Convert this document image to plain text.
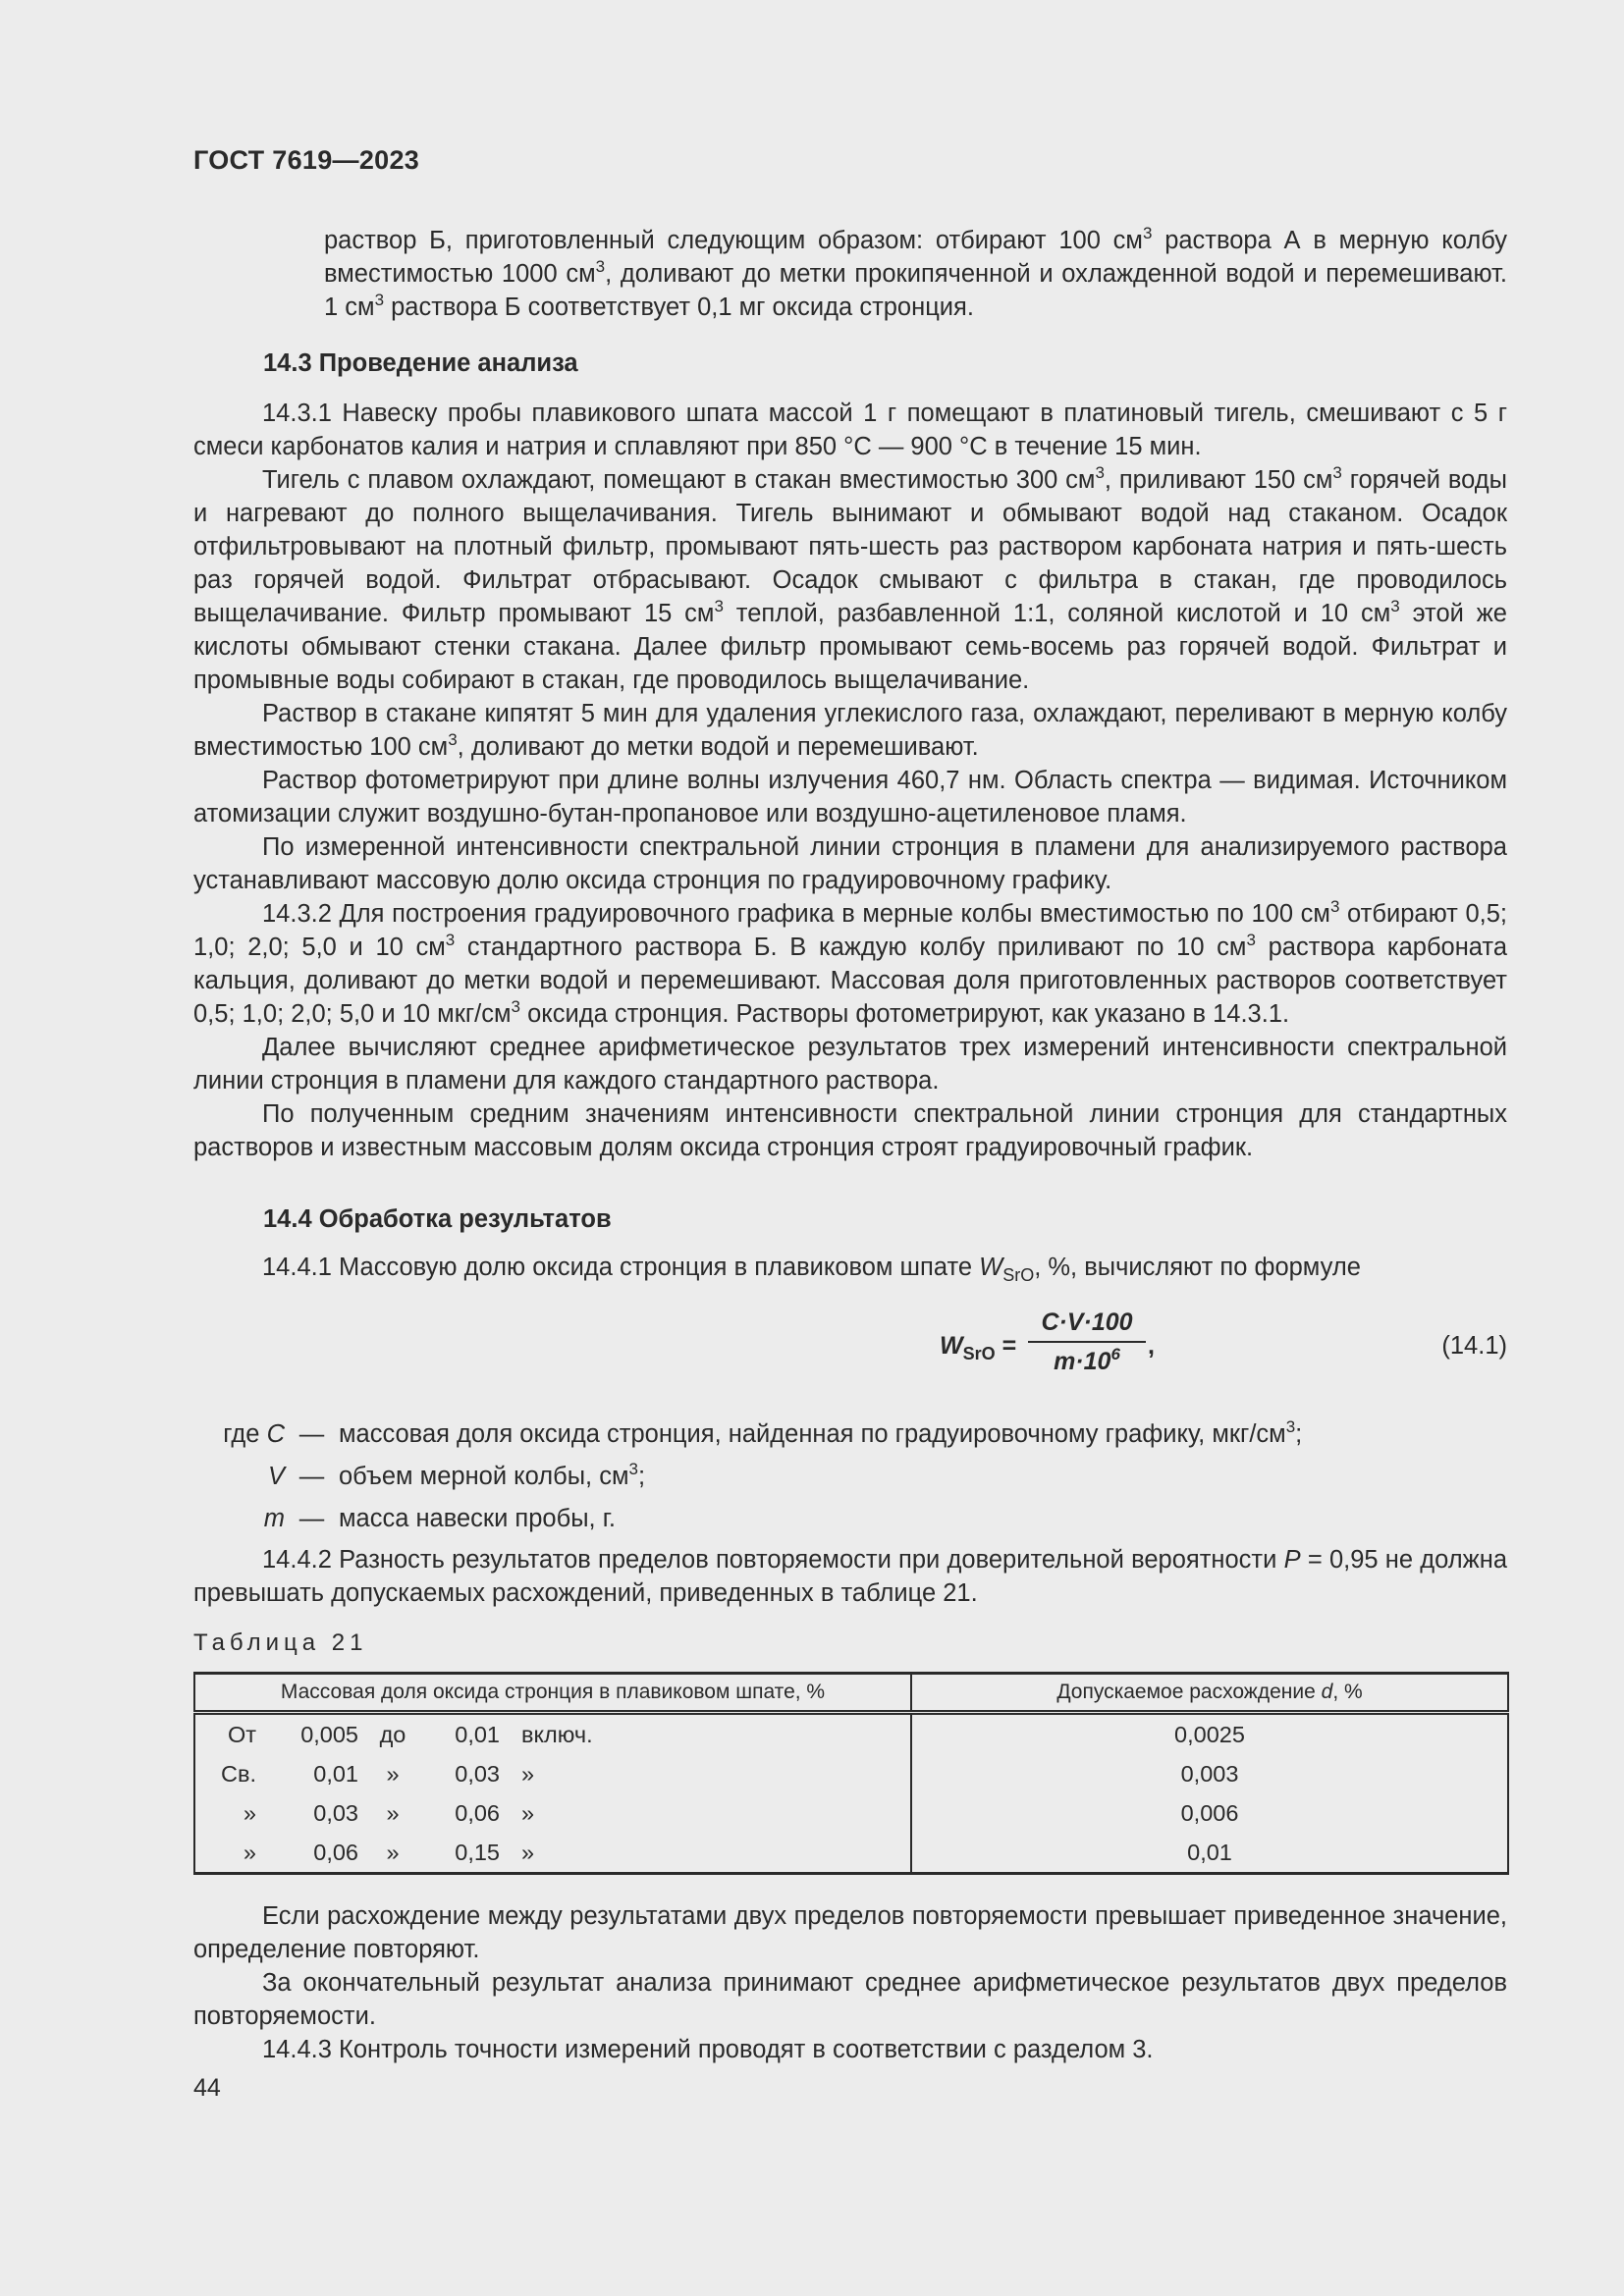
ГОСТ 7619—2023

раствор Б, приготовленный следующим образом: отбирают 100 $см^3$ раствора А в мерную колбу вместимостью 1000 $см^3$, доливают до метки прокипяченной и охлажденной водой и перемешивают. 1 $см^3$ раствора Б соответствует 0,1 мг оксида стронция.

14.3 Проведение анализа

14.3.1 Навеску пробы плавикового шпата массой 1 г помещают в платиновый тигель, смешивают с 5 г смеси карбонатов калия и натрия и сплавляют при 850 °C — 900 °C в течение 15 мин.

Тигель с плавом охлаждают, помещают в стакан вместимостью 300 $см^3$, приливают 150 $см^3$ горячей воды и нагревают до полного выщелачивания. Тигель вынимают и обмывают водой над стаканом. Осадок отфильтровывают на плотный фильтр, промывают пять-шесть раз раствором карбоната натрия и пять-шесть раз горячей водой. Фильтрат отбрасывают. Осадок смывают с фильтра в стакан, где проводилось выщелачивание. Фильтр промывают 15 $см^3$ теплой, разбавленной 1:1, соляной кислотой и 10 $см^3$ этой же кислоты обмывают стенки стакана. Далее фильтр промывают семь-восемь раз горячей водой. Фильтрат и промывные воды собирают в стакан, где проводилось выщелачивание.

Раствор в стакане кипятят 5 мин для удаления углекислого газа, охлаждают, переливают в мерную колбу вместимостью 100 $см^3$, доливают до метки водой и перемешивают.

Раствор фотометрируют при длине волны излучения 460,7 нм. Область спектра — видимая. Источником атомизации служит воздушно-бутан-пропановое или воздушно-ацетиленовое пламя.

По измеренной интенсивности спектральной линии стронция в пламени для анализируемого раствора устанавливают массовую долю оксида стронция по градуировочному графику.

14.3.2 Для построения градуировочного графика в мерные колбы вместимостью по 100 $см^3$ отбирают 0,5; 1,0; 2,0; 5,0 и 10 $см^3$ стандартного раствора Б. В каждую колбу приливают по 10 $см^3$ раствора карбоната кальция, доливают до метки водой и перемешивают. Массовая доля приготовленных растворов соответствует 0,5; 1,0; 2,0; 5,0 и 10 мкг/$см^3$ оксида стронция. Растворы фотометрируют, как указано в 14.3.1.

Далее вычисляют среднее арифметическое результатов трех измерений интенсивности спектральной линии стронция в пламени для каждого стандартного раствора.

По полученным средним значениям интенсивности спектральной линии стронция для стандартных растворов и известным массовым долям оксида стронция строят градуировочный график.

14.4 Обработка результатов

14.4.1 Массовую долю оксида стронция в плавиковом шпате $W_{SrO}$, %, вычисляют по формуле

$W_{SrO}$ =
C·V·100
$m\cdot 10^6$	,	(14.1)
где C — массовая доля оксида стронция, найденная по градуировочному графику, мкг/$см^3$;
V — объем мерной колбы, $см^3$;
m — масса навески пробы, г.

14.4.2 Разность результатов пределов повторяемости при доверительной вероятности P = 0,95 не должна превышать допускаемых расхождений, приведенных в таблице 21.

Таблица 21
Массовая доля оксида стронция в плавиковом шпате, %	Допускаемое расхождение d, %

От 0,005 до 0,01 включ.	0,0025

Св. 0,01 » 0,03 »	0,003

» 0,03 » 0,06 »	0,006

» 0,06 » 0,15 »	0,01

Если расхождение между результатами двух пределов повторяемости превышает приведенное значение, определение повторяют.

За окончательный результат анализа принимают среднее арифметическое результатов двух пределов повторяемости.

14.4.3 Контроль точности измерений проводят в соответствии с разделом 3.

44
